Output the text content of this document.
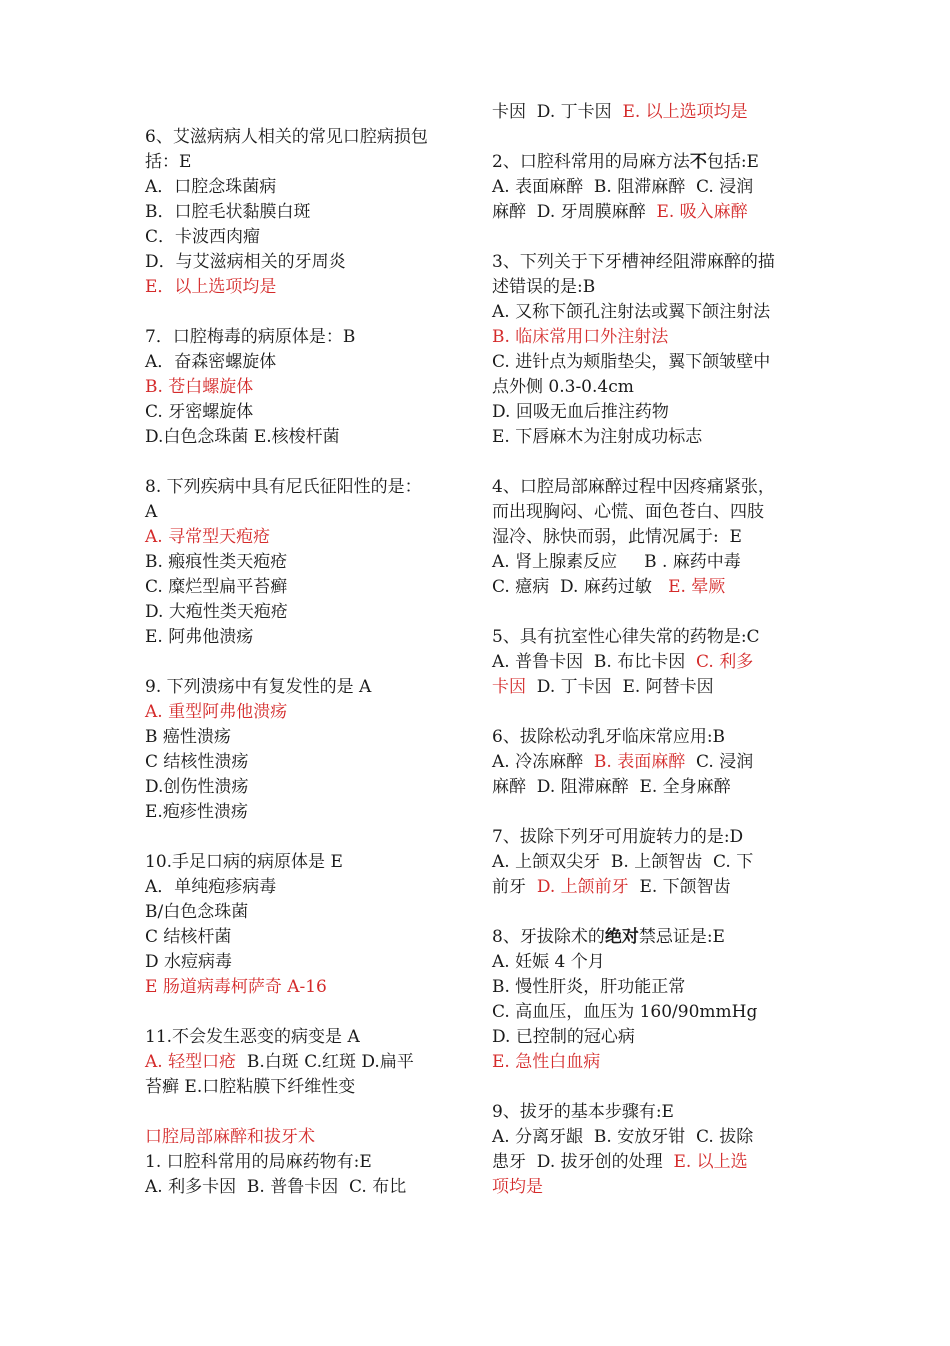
6、艾滋病病人相关的常见口腔病损包
括：E
A．口腔念珠菌病
B．口腔毛状黏膜白斑
C．卡波西肉瘤
D．与艾滋病相关的牙周炎
E．以上选项均是
7．口腔梅毒的病原体是：B
A．奋森密螺旋体
B. 苍白螺旋体
C. 牙密螺旋体
D.白色念珠菌 E.核梭杆菌
8. 下列疾病中具有尼氏征阳性的是：
A
A. 寻常型天疱疮
B. 瘢痕性类天疱疮
C. 糜烂型扁平苔癣
D. 大疱性类天疱疮
E. 阿弗他溃疡
9. 下列溃疡中有复发性的是 A
A. 重型阿弗他溃疡
B 癌性溃疡
C 结核性溃疡
D.创伤性溃疡
E.疱疹性溃疡
10.手足口病的病原体是 E
A．单纯疱疹病毒
B/白色念珠菌
C 结核杆菌
D 水痘病毒
E 肠道病毒柯萨奇 A-16
11.不会发生恶变的病变是 A
A. 轻型口疮  B.白斑 C.红斑 D.扁平
苔癣 E.口腔粘膜下纤维性变
口腔局部麻醉和拔牙术
1. 口腔科常用的局麻药物有:E
A. 利多卡因  B. 普鲁卡因  C. 布比
卡因  D. 丁卡因  E. 以上选项均是
2、口腔科常用的局麻方法不包括:E
A. 表面麻醉  B. 阻滞麻醉  C. 浸润
麻醉  D. 牙周膜麻醉  E. 吸入麻醉
3、下列关于下牙槽神经阻滞麻醉的描
述错误的是:B
A. 又称下颌孔注射法或翼下颌注射法
B. 临床常用口外注射法
C. 进针点为颊脂垫尖，翼下颌皱壁中
点外侧 0.3-0.4cm
D. 回吸无血后推注药物
E. 下唇麻木为注射成功标志
4、口腔局部麻醉过程中因疼痛紧张，
而出现胸闷、心慌、面色苍白、四肢
湿冷、脉快而弱，此情况属于:  E
A. 肾上腺素反应     B . 麻药中毒
C. 癔病  D. 麻药过敏   E. 晕厥
5、具有抗室性心律失常的药物是:C
A. 普鲁卡因  B. 布比卡因  C. 利多
卡因  D. 丁卡因  E. 阿替卡因
6、拔除松动乳牙临床常应用:B
A. 冷冻麻醉  B. 表面麻醉  C. 浸润
麻醉  D. 阻滞麻醉  E. 全身麻醉
7、拔除下列牙可用旋转力的是:D
A. 上颌双尖牙  B. 上颌智齿  C. 下
前牙  D. 上颌前牙  E. 下颌智齿
8、牙拔除术的绝对禁忌证是:E
A. 妊娠 4 个月
B. 慢性肝炎，肝功能正常
C. 高血压，血压为 160/90mmHg
D. 已控制的冠心病
E. 急性白血病
9、拔牙的基本步骤有:E
A. 分离牙龈  B. 安放牙钳  C. 拔除
患牙  D. 拔牙创的处理  E. 以上选
项均是
